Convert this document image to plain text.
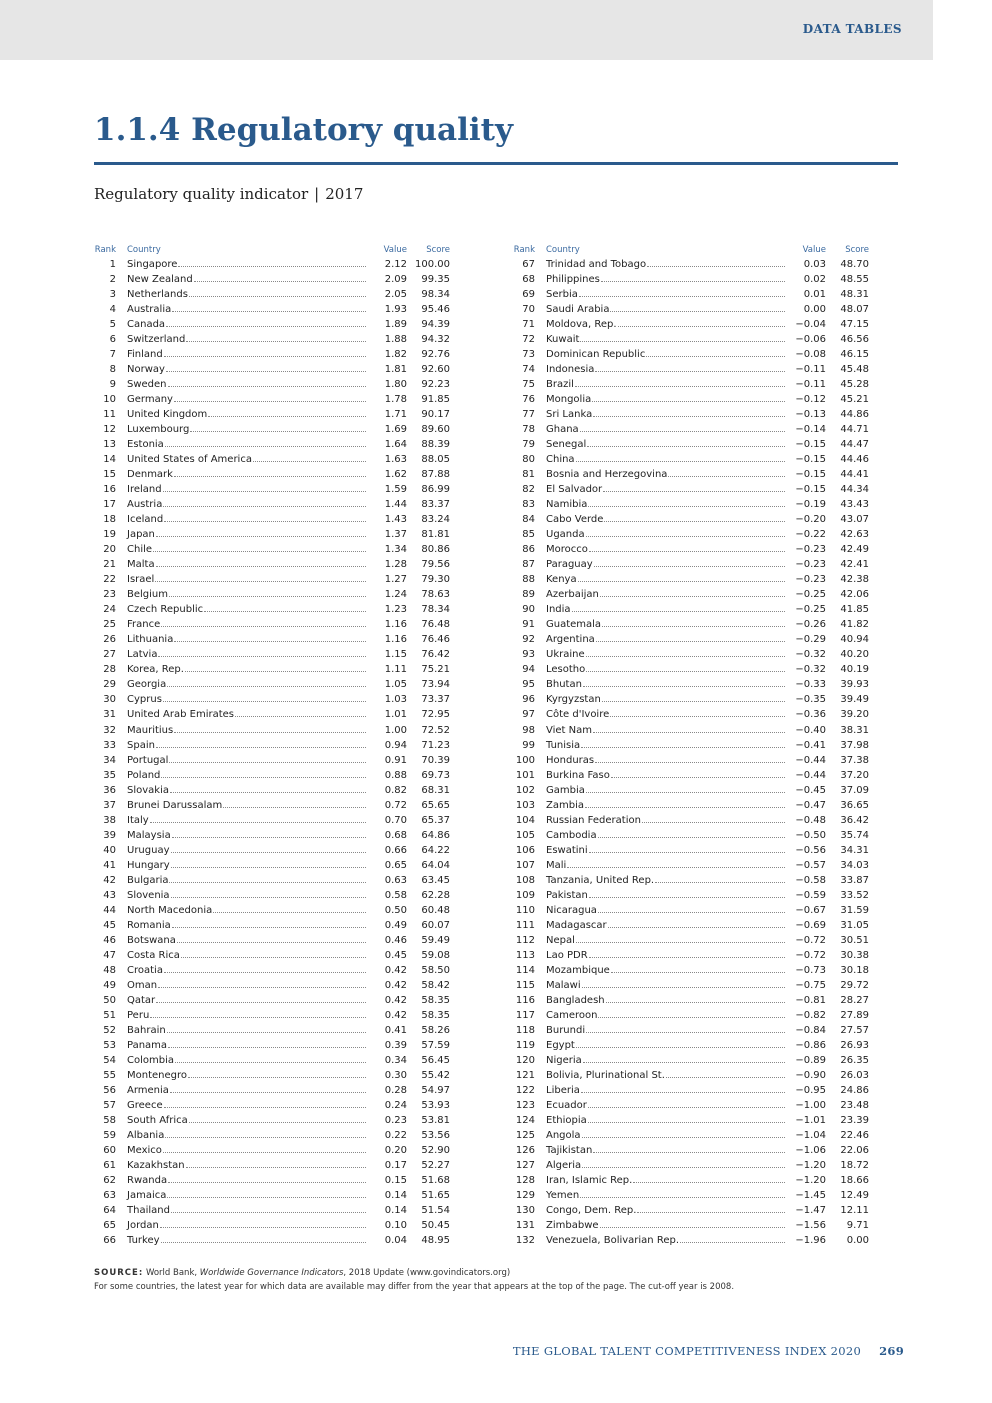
DATA TABLES
1.1.4 Regulatory quality
Regulatory quality indicator | 2017
Rank Country	Value	Score
1 Singapore	2.12 100.00
2 New Zealand	2.09	99.35
3 Netherlands	2.05	98.34
4 Australia	1.93	95.46
5 Canada	1.89	94.39
6 Switzerland	1.88	94.32
7 Finland	1.82	92.76
8 Norway	1.81	92.60
9 Sweden	1.80	92.23
10 Germany	1.78	91.85
11 United Kingdom	1.71	90.17
12 Luxembourg	1.69	89.60
13 Estonia	1.64	88.39
14 United States of America	1.63	88.05
15 Denmark	1.62	87.88
16 Ireland	1.59	86.99
17 Austria	1.44	83.37
18 Iceland	1.43	83.24
19 Japan	1.37	81.81
20 Chile	1.34	80.86
21 Malta	1.28	79.56
22 Israel	1.27	79.30
23 Belgium	1.24	78.63
24 Czech Republic	1.23	78.34
25 France	1.16	76.48
26 Lithuania	1.16	76.46
27 Latvia	1.15	76.42
28 Korea, Rep.	1.11	75.21
29 Georgia	1.05	73.94
30 Cyprus	1.03	73.37
31 United Arab Emirates	1.01	72.95
32 Mauritius	1.00	72.52
33 Spain	0.94	71.23
34 Portugal	0.91	70.39
35 Poland	0.88	69.73
36 Slovakia	0.82	68.31
37 Brunei Darussalam	0.72	65.65
38 Italy	0.70	65.37
39 Malaysia	0.68	64.86
40 Uruguay	0.66	64.22
41 Hungary	0.65	64.04
42 Bulgaria	0.63	63.45
43 Slovenia	0.58	62.28
44 North Macedonia	0.50	60.48
45 Romania	0.49	60.07
46 Botswana	0.46	59.49
47 Costa Rica	0.45	59.08
48 Croatia	0.42	58.50
49 Oman	0.42	58.42
50 Qatar	0.42	58.35
51 Peru	0.42	58.35
52 Bahrain	0.41	58.26
53 Panama	0.39	57.59
54 Colombia	0.34	56.45
55 Montenegro	0.30	55.42
56 Armenia	0.28	54.97
57 Greece	0.24	53.93
58 South Africa	0.23	53.81
59 Albania	0.22	53.56
60 Mexico	0.20	52.90
61 Kazakhstan	0.17	52.27
62 Rwanda	0.15	51.68
63 Jamaica	0.14	51.65
64 Thailand	0.14	51.54
65 Jordan	0.10	50.45
66 Turkey	0.04	48.95
Rank Country	Value	Score
67 Trinidad and Tobago	0.03	48.70
68 Philippines	0.02	48.55
69 Serbia	0.01	48.31
70 Saudi Arabia	0.00	48.07
71 Moldova, Rep.	−0.04	47.15
72 Kuwait	−0.06	46.56
73 Dominican Republic	−0.08	46.15
74 Indonesia	−0.11	45.48
75 Brazil	−0.11	45.28
76 Mongolia	−0.12	45.21
77 Sri Lanka	−0.13	44.86
78 Ghana	−0.14	44.71
79 Senegal	−0.15	44.47
80 China	−0.15	44.46
81 Bosnia and Herzegovina	−0.15	44.41
82 El Salvador	−0.15	44.34
83 Namibia	−0.19	43.43
84 Cabo Verde	−0.20	43.07
85 Uganda	−0.22	42.63
86 Morocco	−0.23	42.49
87 Paraguay	−0.23	42.41
88 Kenya	−0.23	42.38
89 Azerbaijan	−0.25	42.06
90 India	−0.25	41.85
91 Guatemala	−0.26	41.82
92 Argentina	−0.29	40.94
93 Ukraine	−0.32	40.20
94 Lesotho	−0.32	40.19
95 Bhutan	−0.33	39.93
96 Kyrgyzstan	−0.35	39.49
97 Côte d'Ivoire	−0.36	39.20
98 Viet Nam	−0.40	38.31
99 Tunisia	−0.41	37.98
100 Honduras	−0.44	37.38
101 Burkina Faso	−0.44	37.20
102 Gambia	−0.45	37.09
103 Zambia	−0.47	36.65
104 Russian Federation	−0.48	36.42
105 Cambodia	−0.50	35.74
106 Eswatini	−0.56	34.31
107 Mali	−0.57	34.03
108 Tanzania, United Rep.	−0.58	33.87
109 Pakistan	−0.59	33.52
110 Nicaragua	−0.67	31.59
111 Madagascar	−0.69	31.05
112 Nepal	−0.72	30.51
113 Lao PDR	−0.72	30.38
114 Mozambique	−0.73	30.18
115 Malawi	−0.75	29.72
116 Bangladesh	−0.81	28.27
117 Cameroon	−0.82	27.89
118 Burundi	−0.84	27.57
119 Egypt	−0.86	26.93
120 Nigeria	−0.89	26.35
121 Bolivia, Plurinational St.	−0.90	26.03
122 Liberia	−0.95	24.86
123 Ecuador	−1.00	23.48
124 Ethiopia	−1.01	23.39
125 Angola	−1.04	22.46
126 Tajikistan	−1.06	22.06
127 Algeria	−1.20	18.72
128 Iran, Islamic Rep.	−1.20	18.66
129 Yemen	−1.45	12.49
130 Congo, Dem. Rep.	−1.47	12.11
131 Zimbabwe	−1.56	9.71
132 Venezuela, Bolivarian Rep.	−1.96	0.00
SOURCE: World Bank, Worldwide Governance Indicators, 2018 Update (www.govindicators.org)
For some countries, the latest year for which data are available may differ from the year that appears at the top of the page. The cut-off year is 2008.
THE GLOBAL TALENT COMPETITIVENESS INDEX 2020 269
